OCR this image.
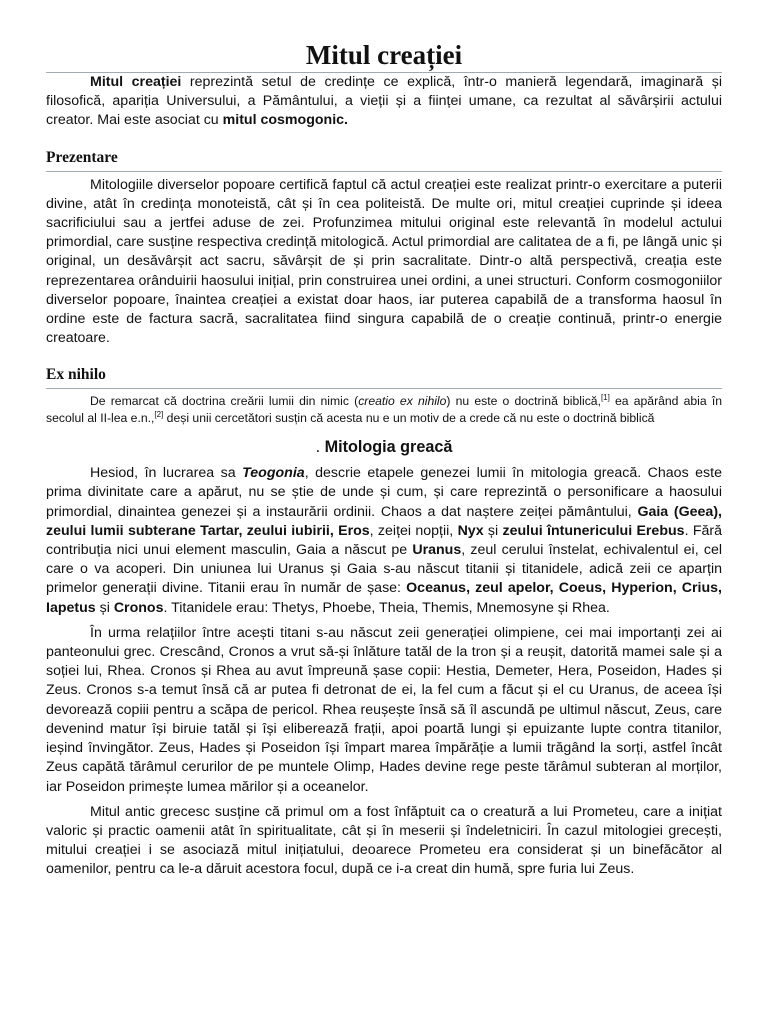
Mitul creației

Mitul creației reprezintă setul de credințe ce explică, într-o manieră legendară, imaginară și filosofică, apariția Universului, a Pământului, a vieții și a ființei umane, ca rezultat al săvârșirii actului creator. Mai este asociat cu mitul cosmogonic.

Prezentare

Mitologiile diverselor popoare certifică faptul că actul creației este realizat printr-o exercitare a puterii divine, atât în credința monoteistă, cât și în cea politeistă. De multe ori, mitul creației cuprinde și ideea sacrificiului sau a jertfei aduse de zei. Profunzimea mitului original este relevantă în modelul actului primordial, care susține respectiva credință mitologică. Actul primordial are calitatea de a fi, pe lângă unic și original, un desăvârșit act sacru, săvârșit de și prin sacralitate. Dintr-o altă perspectivă, creația este reprezentarea orânduirii haosului inițial, prin construirea unei ordini, a unei structuri. Conform cosmogoniilor diverselor popoare, înaintea creației a existat doar haos, iar puterea capabilă de a transforma haosul în ordine este de factura sacră, sacralitatea fiind singura capabilă de o creație continuă, printr-o energie creatoare.

Ex nihilo

De remarcat că doctrina creării lumii din nimic (creatio ex nihilo) nu este o doctrină biblică,[1] ea apărând abia în secolul al II-lea e.n.,[2] deși unii cercetători susțin că acesta nu e un motiv de a crede că nu este o doctrină biblică

. Mitologia greacă

Hesiod, în lucrarea sa Teogonia, descrie etapele genezei lumii în mitologia greacă. Chaos este prima divinitate care a apărut, nu se știe de unde și cum, și care reprezintă o personificare a haosului primordial, dinaintea genezei și a instaurării ordinii. Chaos a dat naștere zeiței pământului, Gaia (Geea), zeului lumii subterane Tartar, zeului iubirii, Eros, zeiței nopții, Nyx și zeului întunericului Erebus. Fără contribuția nici unui element masculin, Gaia a născut pe Uranus, zeul cerului înstelat, echivalentul ei, cel care o va acoperi. Din uniunea lui Uranus și Gaia s-au născut titanii și titanidele, adică zeii ce aparțin primelor generații divine. Titanii erau în număr de șase: Oceanus, zeul apelor, Coeus, Hyperion, Crius, Iapetus și Cronos. Titanidele erau: Thetys, Phoebe, Theia, Themis, Mnemosyne și Rhea.

În urma relațiilor între acești titani s-au născut zeii generației olimpiene, cei mai importanți zei ai panteonului grec. Crescând, Cronos a vrut să-și înlăture tatăl de la tron și a reușit, datorită mamei sale și a soției lui, Rhea. Cronos și Rhea au avut împreună șase copii: Hestia, Demeter, Hera, Poseidon, Hades și Zeus. Cronos s-a temut însă că ar putea fi detronat de ei, la fel cum a făcut și el cu Uranus, de aceea își devorează copiii pentru a scăpa de pericol. Rhea reușește însă să îl ascundă pe ultimul născut, Zeus, care devenind matur își biruie tatăl și își eliberează frații, apoi poartă lungi și epuizante lupte contra titanilor, ieșind învingător. Zeus, Hades și Poseidon își împart marea împărăție a lumii trăgând la sorți, astfel încât Zeus capătă tărâmul cerurilor de pe muntele Olimp, Hades devine rege peste tărâmul subteran al morților, iar Poseidon primește lumea mărilor și a oceanelor.

Mitul antic grecesc susține că primul om a fost înfăptuit ca o creatură a lui Prometeu, care a inițiat valoric și practic oamenii atât în spiritualitate, cât și în meserii și îndeletniciri. În cazul mitologiei grecești, mitului creației i se asociază mitul inițiatului, deoarece Prometeu era considerat și un binefăcător al oamenilor, pentru ca le-a dăruit acestora focul, după ce i-a creat din humă, spre furia lui Zeus.
